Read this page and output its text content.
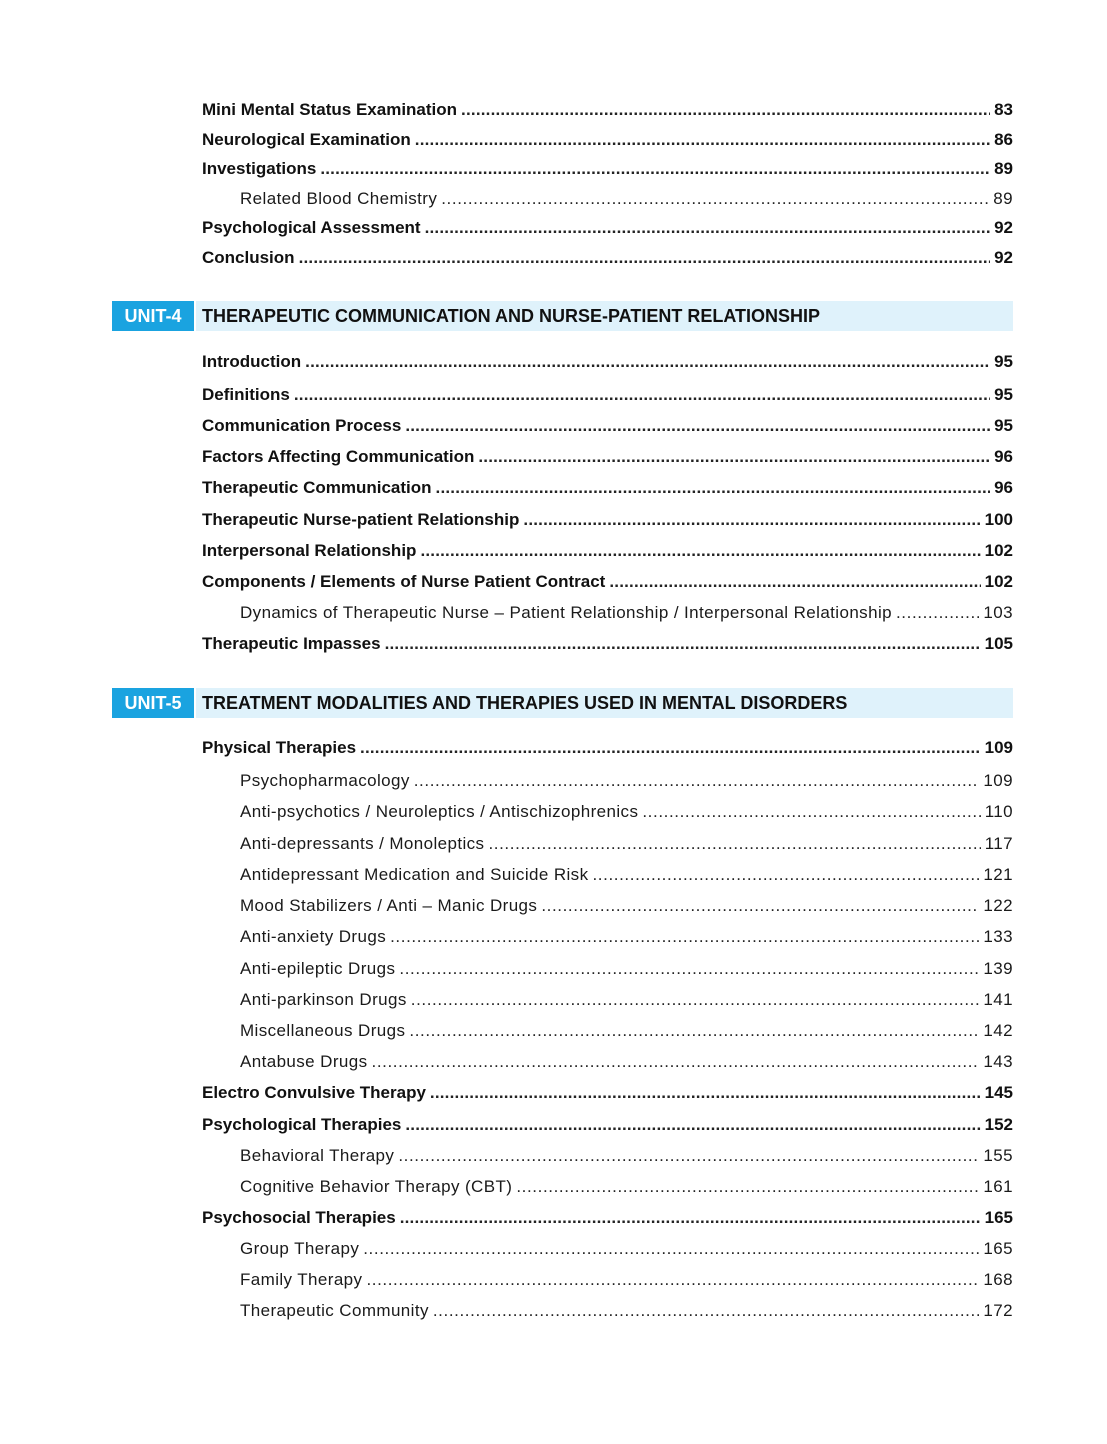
Mini Mental Status Examination .....	83
Neurological Examination .....	86
Investigations .....	89
Related Blood Chemistry .....	89
Psychological Assessment .....	92
Conclusion .....	92
UNIT-4	THERAPEUTIC COMMUNICATION AND NURSE-PATIENT RELATIONSHIP
Introduction .....	95
Definitions .....	95
Communication Process .....	95
Factors Affecting Communication .....	96
Therapeutic Communication .....	96
Therapeutic Nurse-patient Relationship .....	100
Interpersonal Relationship .....	102
Components / Elements of Nurse Patient Contract .....	102
Dynamics of Therapeutic Nurse – Patient Relationship / Interpersonal Relationship .....	103
Therapeutic Impasses .....	105
UNIT-5	TREATMENT MODALITIES AND THERAPIES USED IN MENTAL DISORDERS
Physical Therapies .....	109
Psychopharmacology .....	109
Anti-psychotics / Neuroleptics / Antischizophrenics .....	110
Anti-depressants / Monoleptics .....	117
Antidepressant Medication and Suicide Risk .....	121
Mood Stabilizers / Anti – Manic Drugs .....	122
Anti-anxiety Drugs .....	133
Anti-epileptic Drugs .....	139
Anti-parkinson Drugs .....	141
Miscellaneous Drugs .....	142
Antabuse Drugs .....	143
Electro Convulsive Therapy .....	145
Psychological Therapies .....	152
Behavioral Therapy .....	155
Cognitive Behavior Therapy (CBT) .....	161
Psychosocial Therapies .....	165
Group Therapy .....	165
Family Therapy .....	168
Therapeutic Community .....	172
